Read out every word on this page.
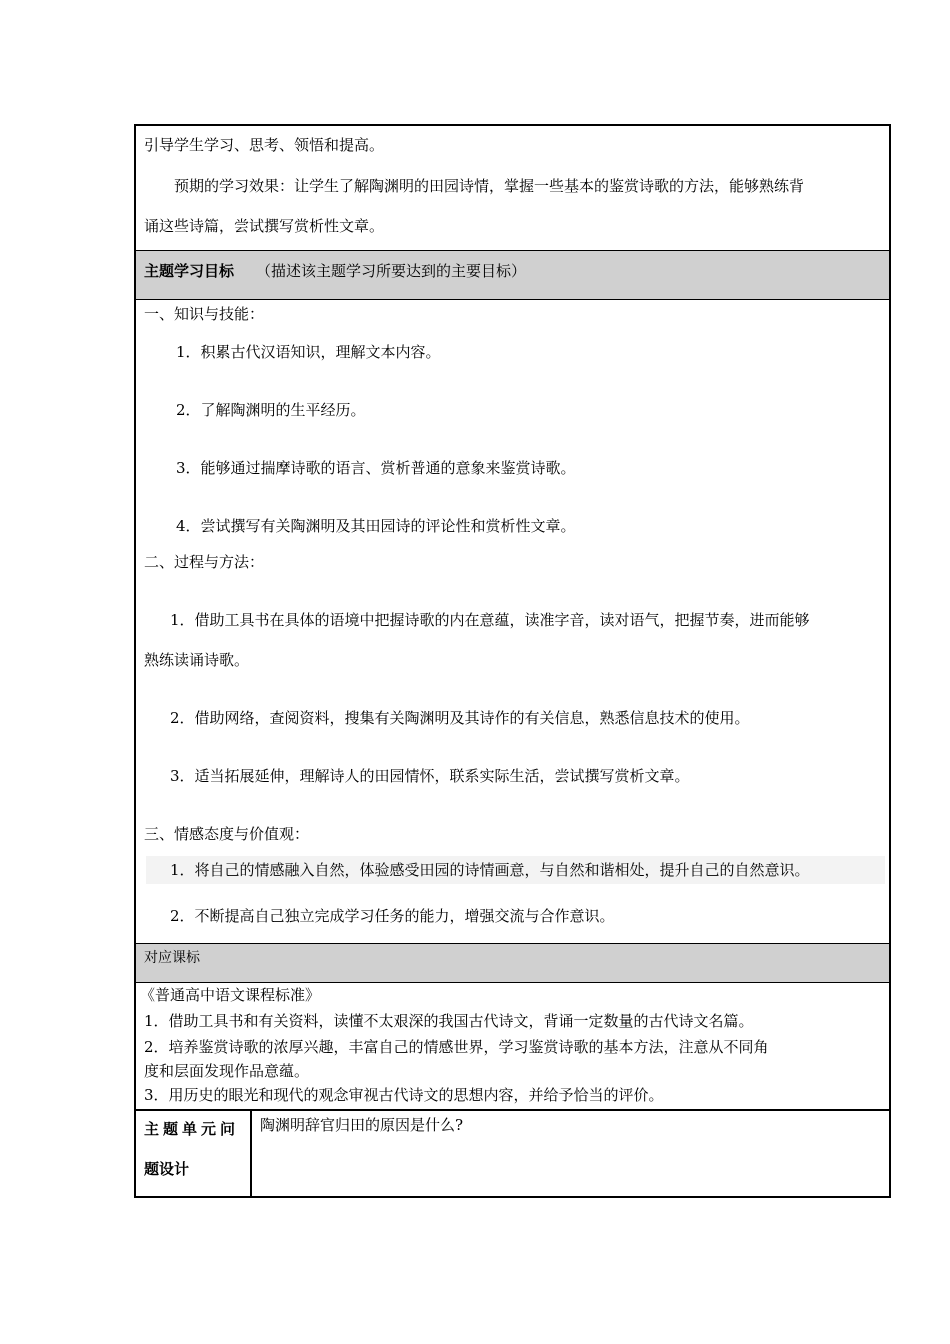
引导学生学习、思考、领悟和提高。
预期的学习效果：让学生了解陶渊明的田园诗情，掌握一些基本的鉴赏诗歌的方法，能够熟练背
诵这些诗篇，尝试撰写赏析性文章。
主题学习目标 （描述该主题学习所要达到的主要目标）
一、知识与技能：
1．积累古代汉语知识，理解文本内容。
2．了解陶渊明的生平经历。
3．能够通过揣摩诗歌的语言、赏析普通的意象来鉴赏诗歌。
4．尝试撰写有关陶渊明及其田园诗的评论性和赏析性文章。
二、过程与方法：
1．借助工具书在具体的语境中把握诗歌的内在意蕴，读准字音，读对语气，把握节奏，进而能够
熟练读诵诗歌。
2．借助网络，查阅资料，搜集有关陶渊明及其诗作的有关信息，熟悉信息技术的使用。
3．适当拓展延伸，理解诗人的田园情怀，联系实际生活，尝试撰写赏析文章。
三、情感态度与价值观：
1．将自己的情感融入自然，体验感受田园的诗情画意，与自然和谐相处，提升自己的自然意识。
2．不断提高自己独立完成学习任务的能力，增强交流与合作意识。
对应课标
《普通高中语文课程标准》
1．借助工具书和有关资料，读懂不太艰深的我国古代诗文，背诵一定数量的古代诗文名篇。
2．培养鉴赏诗歌的浓厚兴趣，丰富自己的情感世界，学习鉴赏诗歌的基本方法，注意从不同角
度和层面发现作品意蕴。
3．用历史的眼光和现代的观念审视古代诗文的思想内容，并给予恰当的评价。
主题单元问
题设计
陶渊明辞官归田的原因是什么?
